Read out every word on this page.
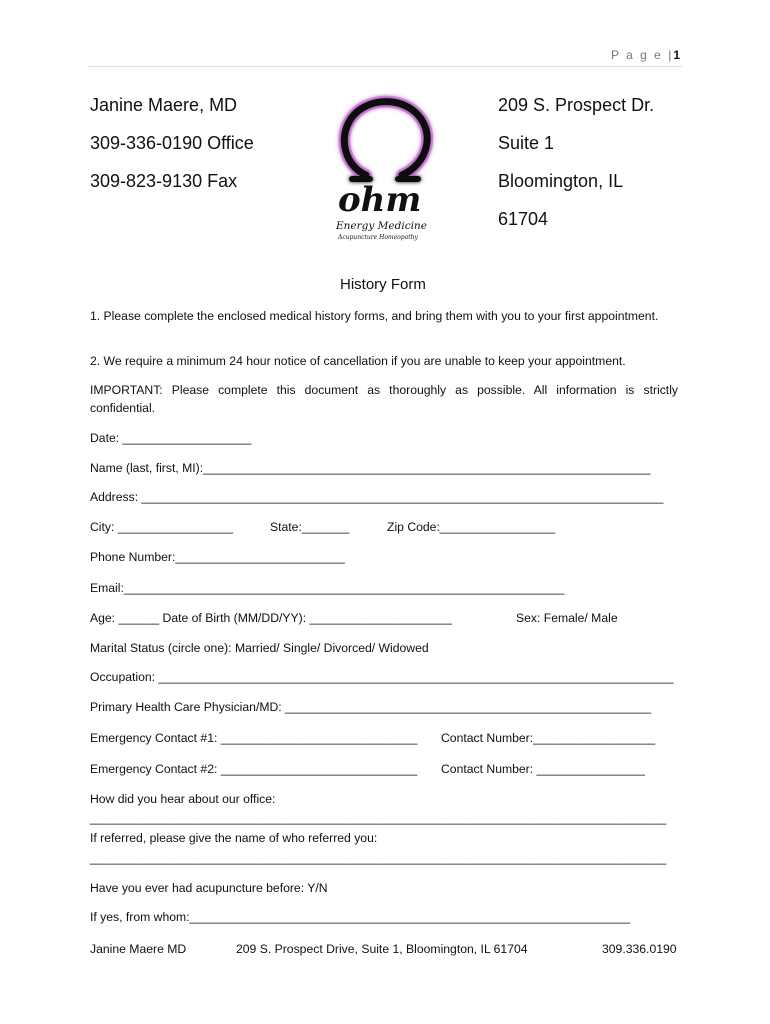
P a g e |1
Janine Maere, MD
309-336-0190 Office
309-823-9130 Fax
209 S. Prospect Dr.
Suite 1
Bloomington, IL
61704
ohm
Energy Medicine
Acupuncture Homeopathy
History Form
1. Please complete the enclosed medical history forms, and bring them with you to your first appointment.
2. We require a minimum 24 hour notice of cancellation if you are unable to keep your appointment.
IMPORTANT: Please complete this document as thoroughly as possible. All information is strictly confidential.
Date: ___________________
Name (last, first, MI):__________________________________________________________________
Address: _____________________________________________________________________________
City: _________________	State:_______	Zip Code:_________________
Phone Number:_________________________
Email:_________________________________________________________________
Age: ______ Date of Birth (MM/DD/YY): _____________________	Sex: Female/ Male
Marital Status (circle one): Married/ Single/ Divorced/ Widowed
Occupation: ____________________________________________________________________________
Primary Health Care Physician/MD: ______________________________________________________
Emergency Contact #1: _____________________________ Contact Number:__________________
Emergency Contact #2: _____________________________ Contact Number: ________________
How did you hear about our office:
_____________________________________________________________________________________
If referred, please give the name of who referred you:
_____________________________________________________________________________________
Have you ever had acupuncture before: Y/N
If yes, from whom:_________________________________________________________________
Janine Maere MD	209 S. Prospect Drive, Suite 1, Bloomington, IL 61704	309.336.0190
